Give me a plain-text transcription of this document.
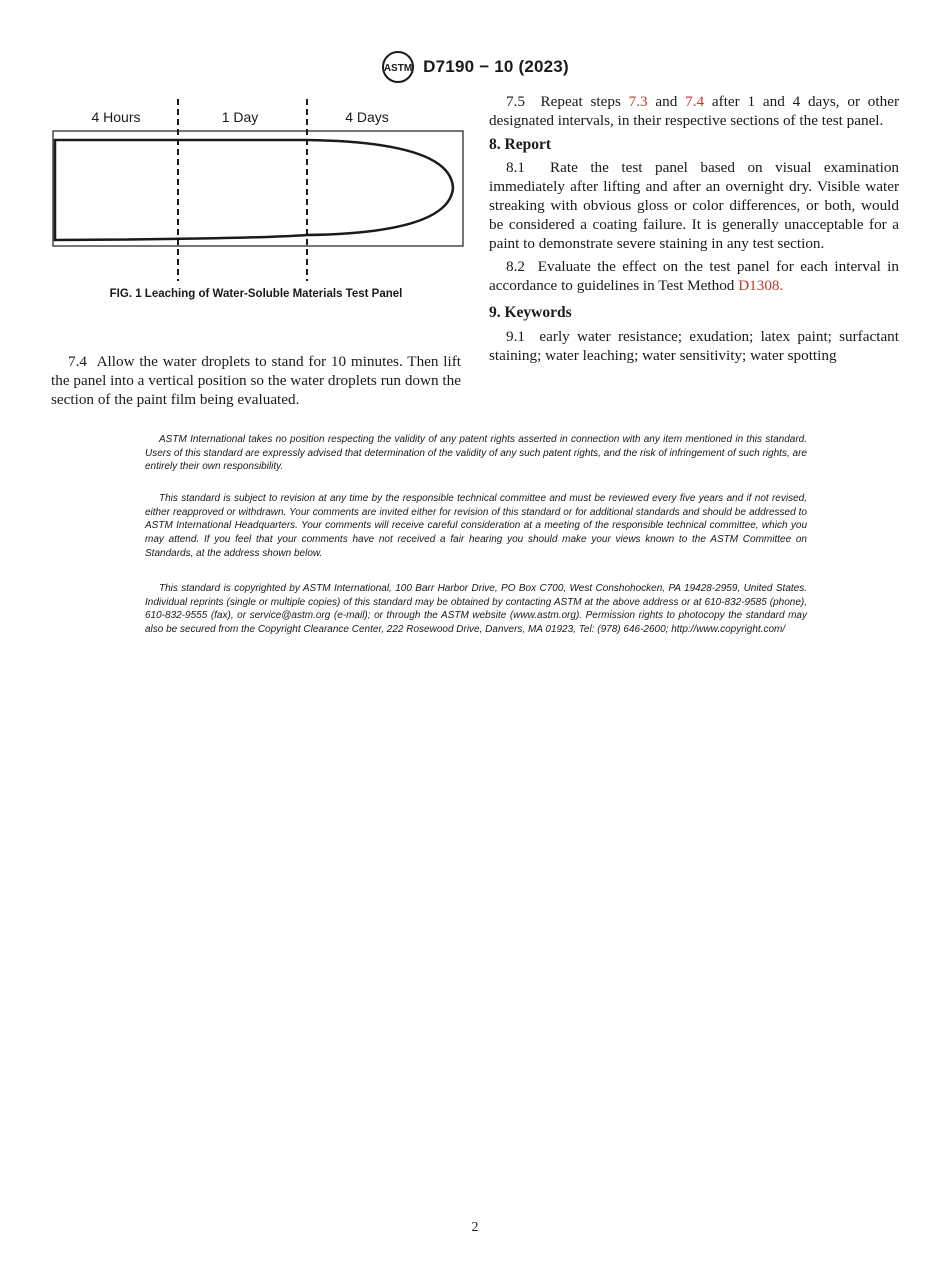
ASTM D7190 − 10 (2023)
4 Hours	1 Day	4 Days
FIG. 1 Leaching of Water-Soluble Materials Test Panel

7.4 Allow the water droplets to stand for 10 minutes. Then lift the panel into a vertical position so the water droplets run down the section of the paint film being evaluated.

7.5 Repeat steps 7.3 and 7.4 after 1 and 4 days, or other designated intervals, in their respective sections of the test panel.

8. Report

8.1 Rate the test panel based on visual examination immediately after lifting and after an overnight dry. Visible water streaking with obvious gloss or color differences, or both, would be considered a coating failure. It is generally unacceptable for a paint to demonstrate severe staining in any test section.

8.2 Evaluate the effect on the test panel for each interval in accordance to guidelines in Test Method D1308.

9. Keywords

9.1 early water resistance; exudation; latex paint; surfactant staining; water leaching; water sensitivity; water spotting

ASTM International takes no position respecting the validity of any patent rights asserted in connection with any item mentioned in this standard. Users of this standard are expressly advised that determination of the validity of any such patent rights, and the risk of infringement of such rights, are entirely their own responsibility.

This standard is subject to revision at any time by the responsible technical committee and must be reviewed every five years and if not revised, either reapproved or withdrawn. Your comments are invited either for revision of this standard or for additional standards and should be addressed to ASTM International Headquarters. Your comments will receive careful consideration at a meeting of the responsible technical committee, which you may attend. If you feel that your comments have not received a fair hearing you should make your views known to the ASTM Committee on Standards, at the address shown below.

This standard is copyrighted by ASTM International, 100 Barr Harbor Drive, PO Box C700, West Conshohocken, PA 19428-2959, United States. Individual reprints (single or multiple copies) of this standard may be obtained by contacting ASTM at the above address or at 610-832-9585 (phone), 610-832-9555 (fax), or service@astm.org (e-mail); or through the ASTM website (www.astm.org). Permission rights to photocopy the standard may also be secured from the Copyright Clearance Center, 222 Rosewood Drive, Danvers, MA 01923, Tel: (978) 646-2600; http://www.copyright.com/

2
